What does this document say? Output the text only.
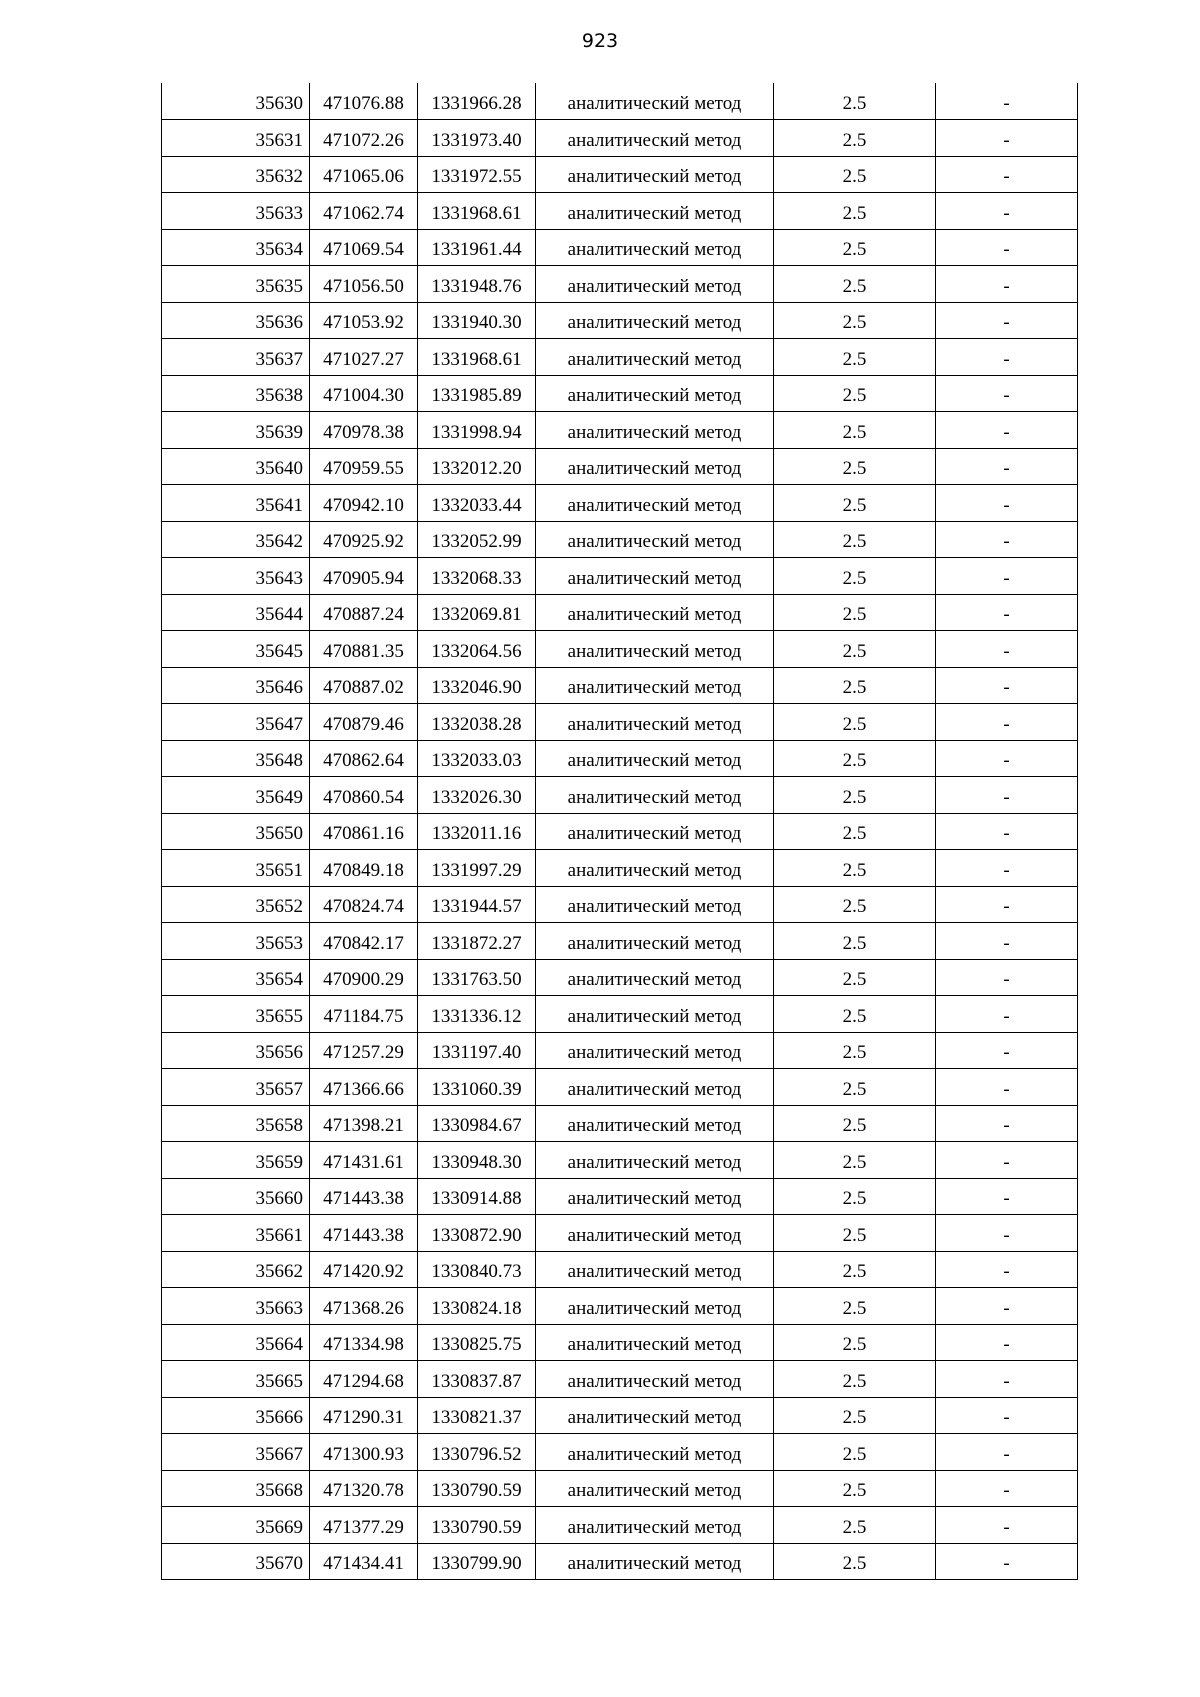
923
35630	471076.88	1331966.28	аналитический метод	2.5	-
35631	471072.26	1331973.40	аналитический метод	2.5	-
35632	471065.06	1331972.55	аналитический метод	2.5	-
35633	471062.74	1331968.61	аналитический метод	2.5	-
35634	471069.54	1331961.44	аналитический метод	2.5	-
35635	471056.50	1331948.76	аналитический метод	2.5	-
35636	471053.92	1331940.30	аналитический метод	2.5	-
35637	471027.27	1331968.61	аналитический метод	2.5	-
35638	471004.30	1331985.89	аналитический метод	2.5	-
35639	470978.38	1331998.94	аналитический метод	2.5	-
35640	470959.55	1332012.20	аналитический метод	2.5	-
35641	470942.10	1332033.44	аналитический метод	2.5	-
35642	470925.92	1332052.99	аналитический метод	2.5	-
35643	470905.94	1332068.33	аналитический метод	2.5	-
35644	470887.24	1332069.81	аналитический метод	2.5	-
35645	470881.35	1332064.56	аналитический метод	2.5	-
35646	470887.02	1332046.90	аналитический метод	2.5	-
35647	470879.46	1332038.28	аналитический метод	2.5	-
35648	470862.64	1332033.03	аналитический метод	2.5	-
35649	470860.54	1332026.30	аналитический метод	2.5	-
35650	470861.16	1332011.16	аналитический метод	2.5	-
35651	470849.18	1331997.29	аналитический метод	2.5	-
35652	470824.74	1331944.57	аналитический метод	2.5	-
35653	470842.17	1331872.27	аналитический метод	2.5	-
35654	470900.29	1331763.50	аналитический метод	2.5	-
35655	471184.75	1331336.12	аналитический метод	2.5	-
35656	471257.29	1331197.40	аналитический метод	2.5	-
35657	471366.66	1331060.39	аналитический метод	2.5	-
35658	471398.21	1330984.67	аналитический метод	2.5	-
35659	471431.61	1330948.30	аналитический метод	2.5	-
35660	471443.38	1330914.88	аналитический метод	2.5	-
35661	471443.38	1330872.90	аналитический метод	2.5	-
35662	471420.92	1330840.73	аналитический метод	2.5	-
35663	471368.26	1330824.18	аналитический метод	2.5	-
35664	471334.98	1330825.75	аналитический метод	2.5	-
35665	471294.68	1330837.87	аналитический метод	2.5	-
35666	471290.31	1330821.37	аналитический метод	2.5	-
35667	471300.93	1330796.52	аналитический метод	2.5	-
35668	471320.78	1330790.59	аналитический метод	2.5	-
35669	471377.29	1330790.59	аналитический метод	2.5	-
35670	471434.41	1330799.90	аналитический метод	2.5	-
